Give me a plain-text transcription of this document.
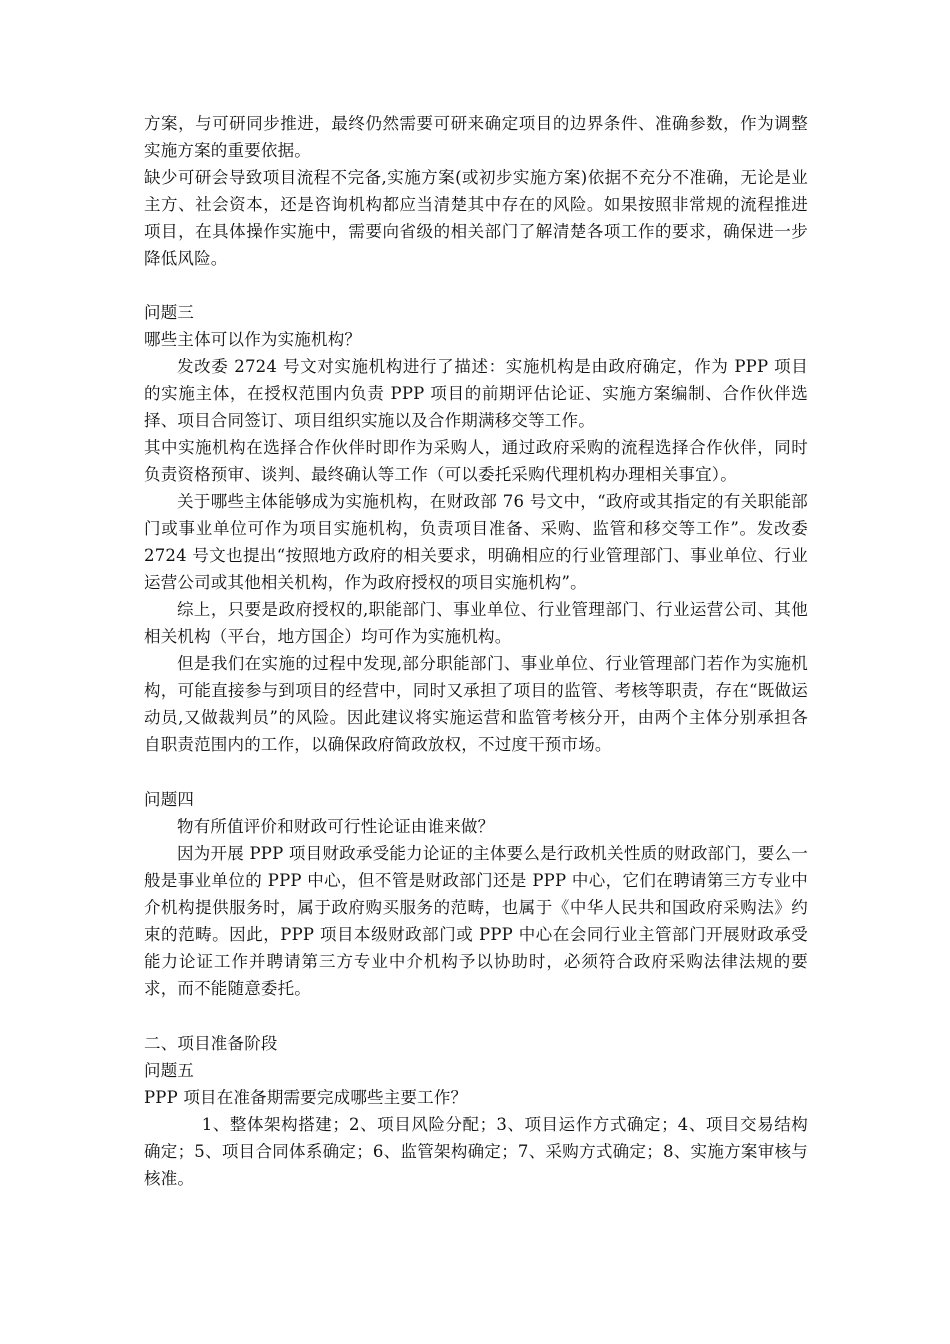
方案，与可研同步推进，最终仍然需要可研来确定项目的边界条件、准确参数，作为调整实施方案的重要依据。

缺少可研会导致项目流程不完备,实施方案(或初步实施方案)依据不充分不准确，无论是业主方、社会资本，还是咨询机构都应当清楚其中存在的风险。如果按照非常规的流程推进项目，在具体操作实施中，需要向省级的相关部门了解清楚各项工作的要求，确保进一步降低风险。

问题三

哪些主体可以作为实施机构？

发改委 2724 号文对实施机构进行了描述：实施机构是由政府确定，作为 PPP 项目的实施主体，在授权范围内负责 PPP 项目的前期评估论证、实施方案编制、合作伙伴选择、项目合同签订、项目组织实施以及合作期满移交等工作。

其中实施机构在选择合作伙伴时即作为采购人，通过政府采购的流程选择合作伙伴，同时负责资格预审、谈判、最终确认等工作（可以委托采购代理机构办理相关事宜）。

关于哪些主体能够成为实施机构，在财政部 76 号文中，“政府或其指定的有关职能部门或事业单位可作为项目实施机构，负责项目准备、采购、监管和移交等工作”。发改委 2724 号文也提出“按照地方政府的相关要求，明确相应的行业管理部门、事业单位、行业运营公司或其他相关机构，作为政府授权的项目实施机构”。

综上，只要是政府授权的,职能部门、事业单位、行业管理部门、行业运营公司、其他相关机构（平台，地方国企）均可作为实施机构。

但是我们在实施的过程中发现,部分职能部门、事业单位、行业管理部门若作为实施机构，可能直接参与到项目的经营中，同时又承担了项目的监管、考核等职责，存在“既做运动员,又做裁判员”的风险。因此建议将实施运营和监管考核分开，由两个主体分别承担各自职责范围内的工作，以确保政府简政放权，不过度干预市场。

问题四

物有所值评价和财政可行性论证由谁来做？

因为开展 PPP 项目财政承受能力论证的主体要么是行政机关性质的财政部门，要么一般是事业单位的 PPP 中心，但不管是财政部门还是 PPP 中心，它们在聘请第三方专业中介机构提供服务时，属于政府购买服务的范畴，也属于《中华人民共和国政府采购法》约束的范畴。因此，PPP 项目本级财政部门或 PPP 中心在会同行业主管部门开展财政承受能力论证工作并聘请第三方专业中介机构予以协助时，必须符合政府采购法律法规的要求，而不能随意委托。

二、项目准备阶段

问题五

PPP 项目在准备期需要完成哪些主要工作？

1、整体架构搭建；2、项目风险分配；3、项目运作方式确定；4、项目交易结构确定；5、项目合同体系确定；6、监管架构确定；7、采购方式确定；8、实施方案审核与核准。
